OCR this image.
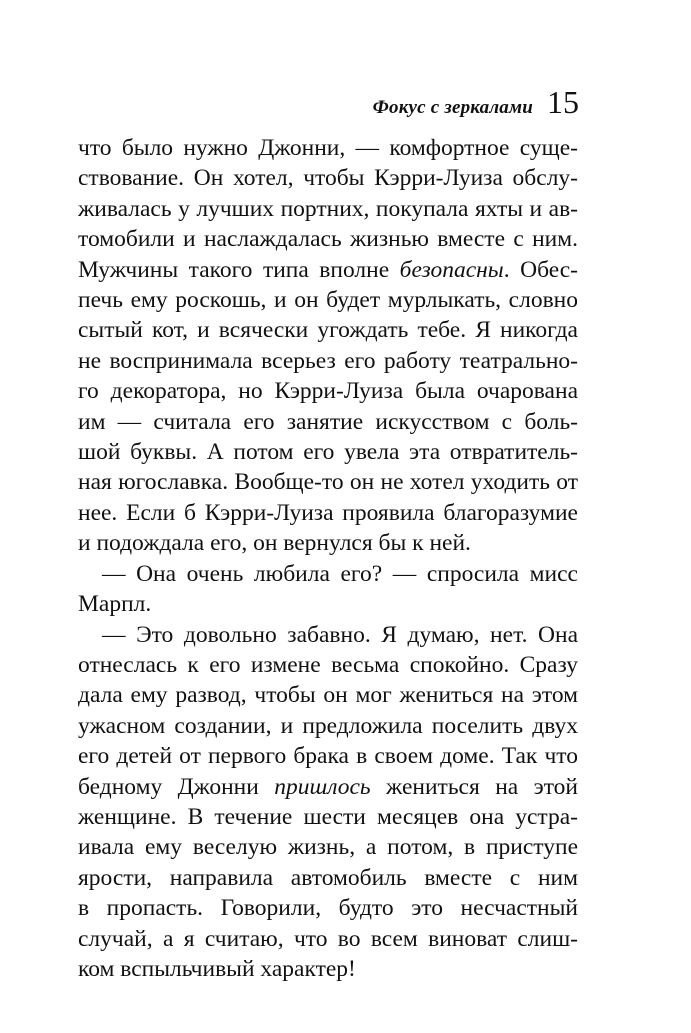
Фокус с зеркалами 15
что было нужно Джонни, — комфортное суще-
ствование. Он хотел, чтобы Кэрри-Луиза обслу-
живалась у лучших портних, покупала яхты и ав-
томобили и наслаждалась жизнью вместе с ним.
Мужчины такого типа вполне безопасны. Обес-
печь ему роскошь, и он будет мурлыкать, словно
сытый кот, и всячески угождать тебе. Я никогда
не воспринимала всерьез его работу театрально-
го декоратора, но Кэрри-Луиза была очарована
им — считала его занятие искусством с боль-
шой буквы. А потом его увела эта отвратитель-
ная югославка. Вообще-то он не хотел уходить от
нее. Если б Кэрри-Луиза проявила благоразумие
и подождала его, он вернулся бы к ней.
— Она очень любила его? — спросила мисс
Марпл.
— Это довольно забавно. Я думаю, нет. Она
отнеслась к его измене весьма спокойно. Сразу
дала ему развод, чтобы он мог жениться на этом
ужасном создании, и предложила поселить двух
его детей от первого брака в своем доме. Так что
бедному Джонни пришлось жениться на этой
женщине. В течение шести месяцев она устра-
ивала ему веселую жизнь, а потом, в приступе
ярости, направила автомобиль вместе с ним
в пропасть. Говорили, будто это несчастный
случай, а я считаю, что во всем виноват слиш-
ком вспыльчивый характер!
